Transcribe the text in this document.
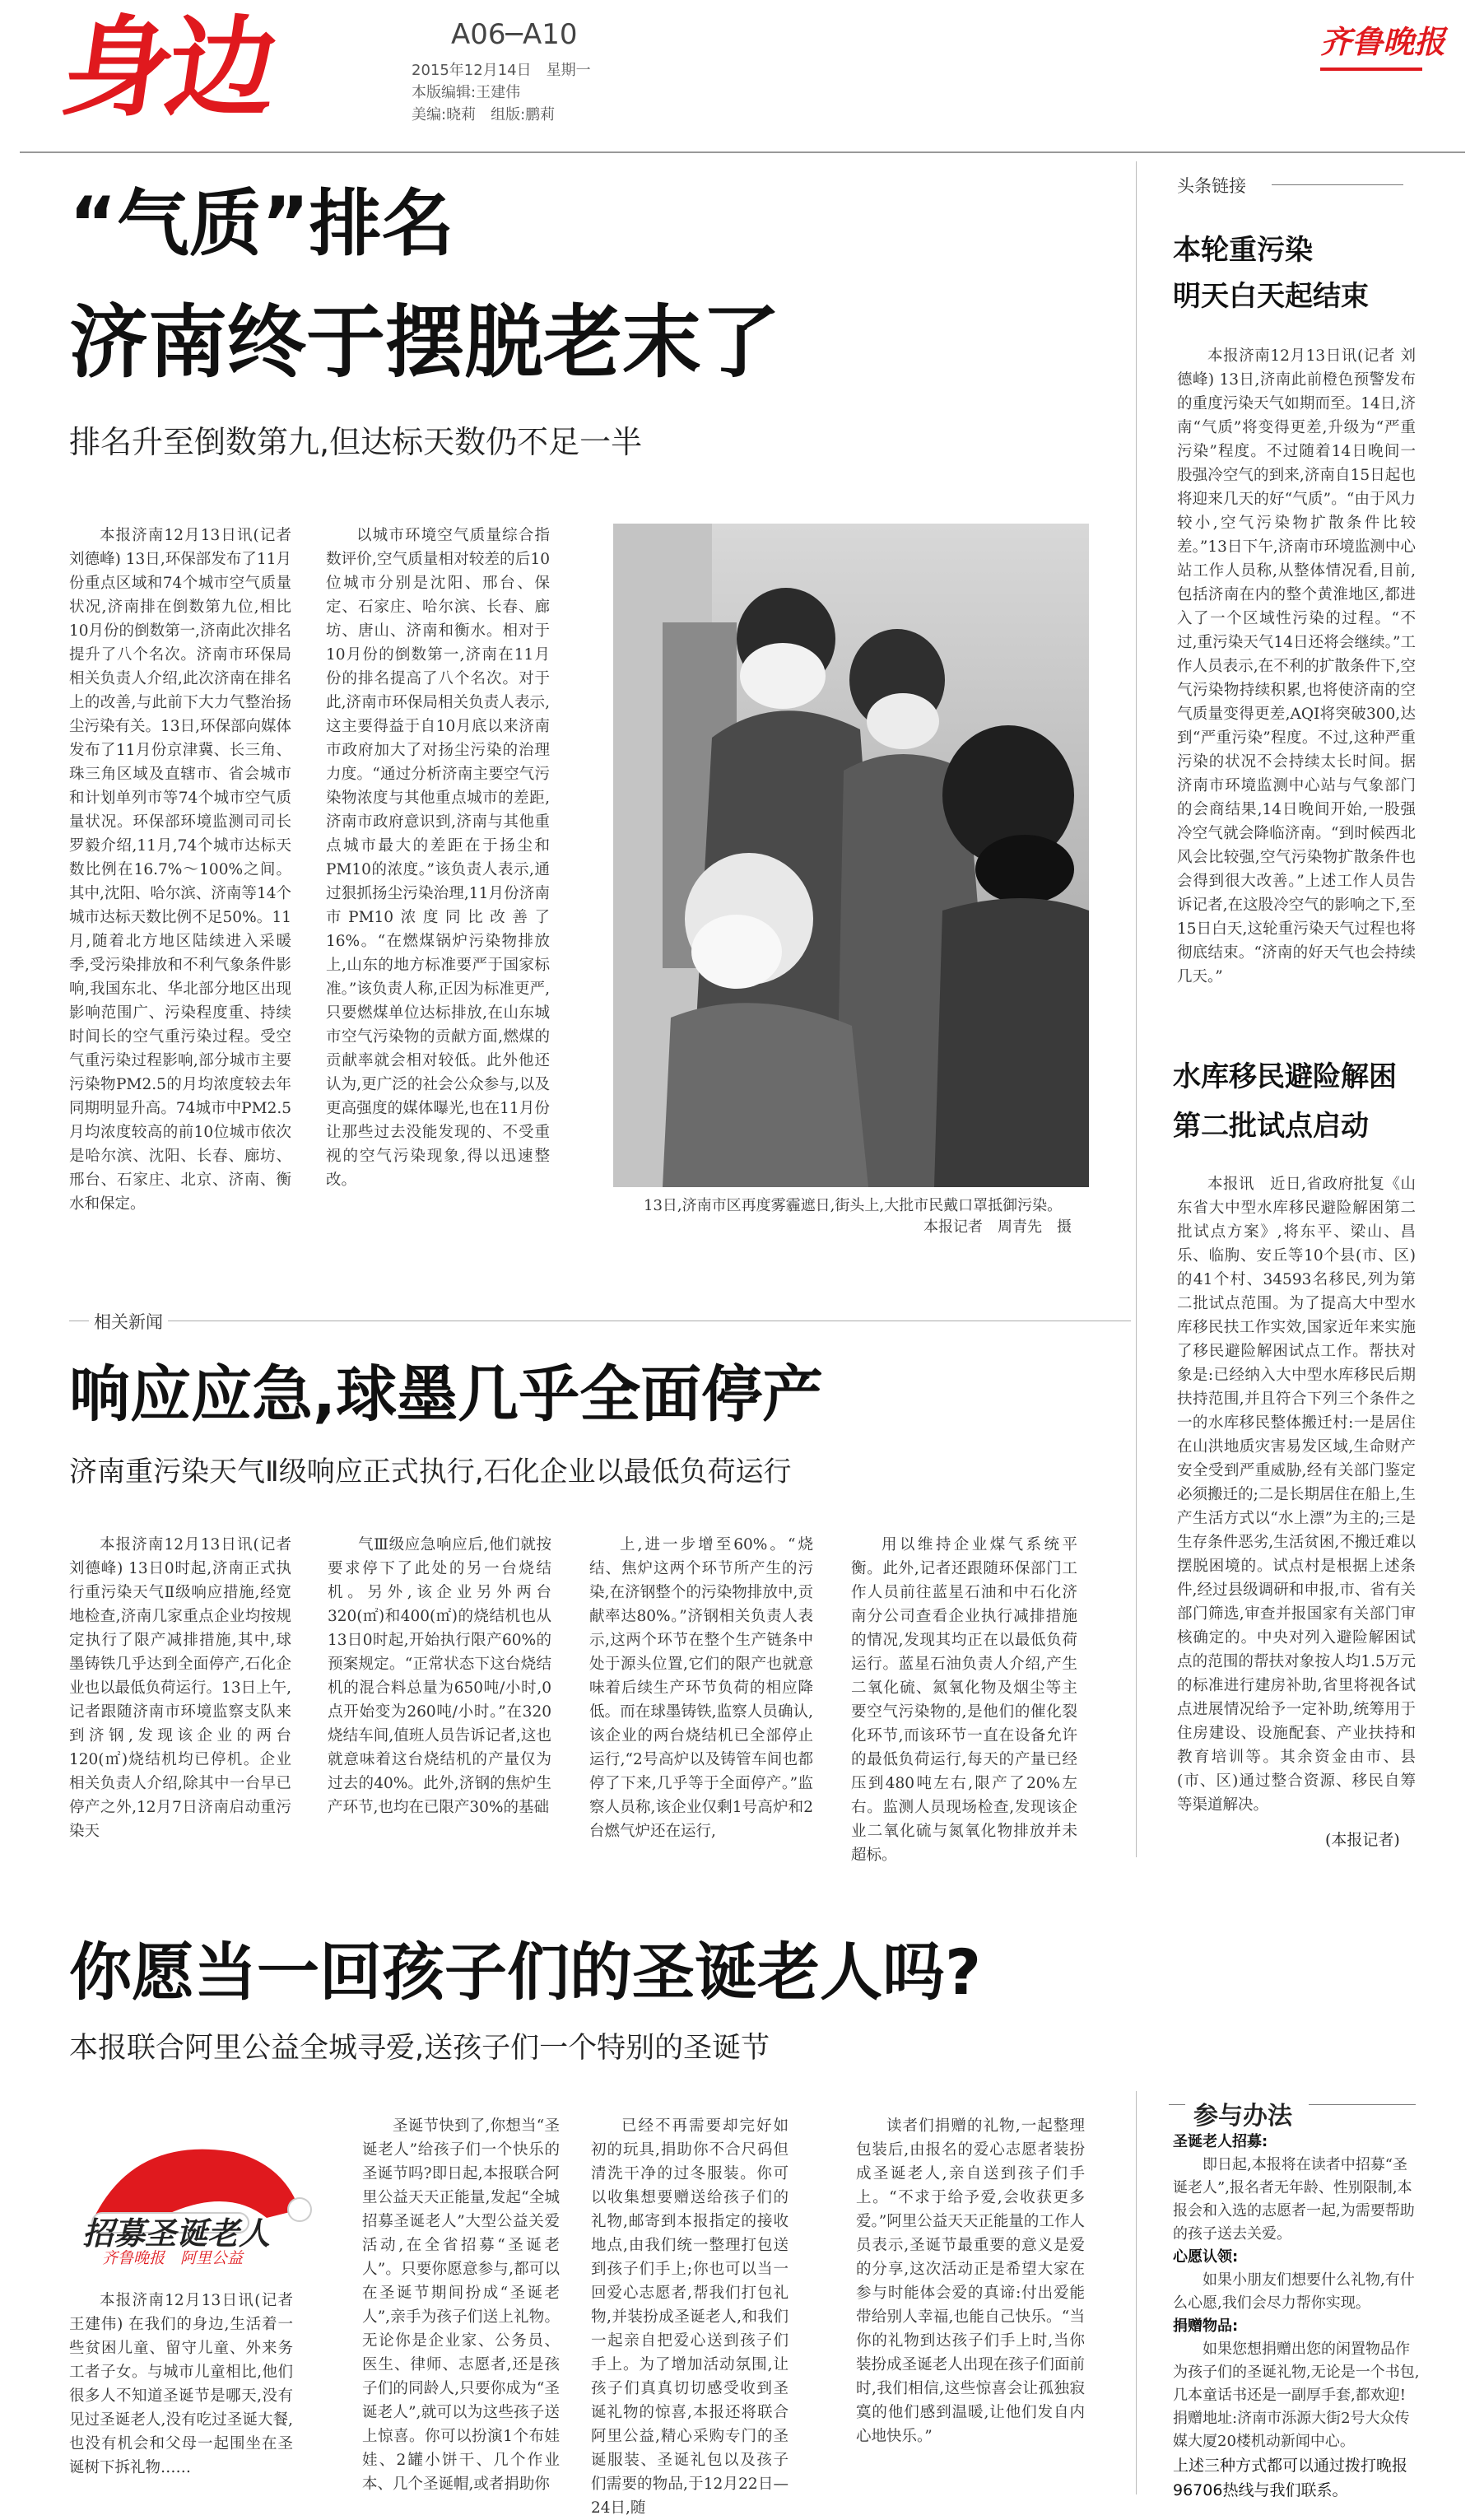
身边	A06─A10
2015年12月14日　星期一
本版编辑:王建伟
美编:晓莉　组版:鹏莉
齐鲁晚报
“气质”排名
济南终于摆脱老末了
排名升至倒数第九,但达标天数仍不足一半

本报济南12月13日讯(记者 刘德峰) 13日,环保部发布了11月份重点区域和74个城市空气质量状况,济南排在倒数第九位,相比10月份的倒数第一,济南此次排名提升了八个名次。济南市环保局相关负责人介绍,此次济南在排名上的改善,与此前下大力气整治扬尘污染有关。13日,环保部向媒体发布了11月份京津冀、长三角、珠三角区域及直辖市、省会城市和计划单列市等74个城市空气质量状况。环保部环境监测司司长罗毅介绍,11月,74个城市达标天数比例在16.7%～100%之间。其中,沈阳、哈尔滨、济南等14个城市达标天数比例不足50%。11月,随着北方地区陆续进入采暖季,受污染排放和不利气象条件影响,我国东北、华北部分地区出现影响范围广、污染程度重、持续时间长的空气重污染过程。受空气重污染过程影响,部分城市主要污染物PM2.5的月均浓度较去年同期明显升高。74城市中PM2.5月均浓度较高的前10位城市依次是哈尔滨、沈阳、长春、廊坊、邢台、石家庄、北京、济南、衡水和保定。

以城市环境空气质量综合指数评价,空气质量相对较差的后10位城市分别是沈阳、邢台、保定、石家庄、哈尔滨、长春、廊坊、唐山、济南和衡水。相对于10月份的倒数第一,济南在11月份的排名提高了八个名次。对于此,济南市环保局相关负责人表示,这主要得益于自10月底以来济南市政府加大了对扬尘污染的治理力度。“通过分析济南主要空气污染物浓度与其他重点城市的差距,济南市政府意识到,济南与其他重点城市最大的差距在于扬尘和PM10的浓度。”该负责人表示,通过狠抓扬尘污染治理,11月份济南市PM10浓度同比改善了16%。“在燃煤锅炉污染物排放上,山东的地方标准要严于国家标准。”该负责人称,正因为标准更严,只要燃煤单位达标排放,在山东城市空气污染物的贡献方面,燃煤的贡献率就会相对较低。此外他还认为,更广泛的社会公众参与,以及更高强度的媒体曝光,也在11月份让那些过去没能发现的、不受重视的空气污染现象,得以迅速整改。

13日,济南市区再度雾霾遮日,街头上,大批市民戴口罩抵御污染。
本报记者　周青先　摄
头条链接
本轮重污染
明天白天起结束

本报济南12月13日讯(记者 刘德峰) 13日,济南此前橙色预警发布的重度污染天气如期而至。14日,济南“气质”将变得更差,升级为“严重污染”程度。不过随着14日晚间一股强冷空气的到来,济南自15日起也将迎来几天的好“气质”。“由于风力较小,空气污染物扩散条件比较差。”13日下午,济南市环境监测中心站工作人员称,从整体情况看,目前,包括济南在内的整个黄淮地区,都进入了一个区域性污染的过程。“不过,重污染天气14日还将会继续。”工作人员表示,在不利的扩散条件下,空气污染物持续积累,也将使济南的空气质量变得更差,AQI将突破300,达到“严重污染”程度。不过,这种严重污染的状况不会持续太长时间。据济南市环境监测中心站与气象部门的会商结果,14日晚间开始,一股强冷空气就会降临济南。“到时候西北风会比较强,空气污染物扩散条件也会得到很大改善。”上述工作人员告诉记者,在这股冷空气的影响之下,至15日白天,这轮重污染天气过程也将彻底结束。“济南的好天气也会持续几天。”

水库移民避险解困
第二批试点启动

本报讯　近日,省政府批复《山东省大中型水库移民避险解困第二批试点方案》,将东平、梁山、昌乐、临朐、安丘等10个县(市、区)的41个村、34593名移民,列为第二批试点范围。为了提高大中型水库移民扶工作实效,国家近年来实施了移民避险解困试点工作。帮扶对象是:已经纳入大中型水库移民后期扶持范围,并且符合下列三个条件之一的水库移民整体搬迁村:一是居住在山洪地质灾害易发区域,生命财产安全受到严重威胁,经有关部门鉴定必须搬迁的;二是长期居住在船上,生产生活方式以“水上漂”为主的;三是生存条件恶劣,生活贫困,不搬迁难以摆脱困境的。试点村是根据上述条件,经过县级调研和申报,市、省有关部门筛选,审查并报国家有关部门审核确定的。中央对列入避险解困试点的范围的帮扶对象按人均1.5万元的标准进行建房补助,省里将视各试点进展情况给予一定补助,统筹用于住房建设、设施配套、产业扶持和教育培训等。其余资金由市、县(市、区)通过整合资源、移民自筹等渠道解决。

(本报记者)
相关新闻
响应应急,球墨几乎全面停产
济南重污染天气Ⅱ级响应正式执行,石化企业以最低负荷运行

本报济南12月13日讯(记者 刘德峰) 13日0时起,济南正式执行重污染天气Ⅱ级响应措施,经宽地检查,济南几家重点企业均按规定执行了限产减排措施,其中,球墨铸铁几乎达到全面停产,石化企业也以最低负荷运行。13日上午,记者跟随济南市环境监察支队来到济钢,发现该企业的两台120(㎡)烧结机均已停机。企业相关负责人介绍,除其中一台早已停产之外,12月7日济南启动重污染天

气Ⅲ级应急响应后,他们就按要求停下了此处的另一台烧结机。另外,该企业另外两台320(㎡)和400(㎡)的烧结机也从13日0时起,开始执行限产60%的预案规定。“正常状态下这台烧结机的混合料总量为650吨/小时,0点开始变为260吨/小时。”在320烧结车间,值班人员告诉记者,这也就意味着这台烧结机的产量仅为过去的40%。此外,济钢的焦炉生产环节,也均在已限产30%的基础

上,进一步增至60%。“烧结、焦炉这两个环节所产生的污染,在济钢整个的污染物排放中,贡献率达80%。”济钢相关负责人表示,这两个环节在整个生产链条中处于源头位置,它们的限产也就意味着后续生产环节负荷的相应降低。而在球墨铸铁,监察人员确认,该企业的两台烧结机已全部停止运行,“2号高炉以及铸管车间也都停了下来,几乎等于全面停产。”监察人员称,该企业仅剩1号高炉和2台燃气炉还在运行,

用以维持企业煤气系统平衡。此外,记者还跟随环保部门工作人员前往蓝星石油和中石化济南分公司查看企业执行减排措施的情况,发现其均正在以最低负荷运行。蓝星石油负责人介绍,产生二氧化硫、氮氧化物及烟尘等主要空气污染物的,是他们的催化裂化环节,而该环节一直在设备允许的最低负荷运行,每天的产量已经压到480吨左右,限产了20%左右。监测人员现场检查,发现该企业二氧化硫与氮氧化物排放并未超标。

你愿当一回孩子们的圣诞老人吗?
本报联合阿里公益全城寻爱,送孩子们一个特别的圣诞节
招募圣诞老人
齐鲁晚报　阿里公益

本报济南12月13日讯(记者 王建伟) 在我们的身边,生活着一些贫困儿童、留守儿童、外来务工者子女。与城市儿童相比,他们很多人不知道圣诞节是哪天,没有见过圣诞老人,没有吃过圣诞大餐,也没有机会和父母一起围坐在圣诞树下拆礼物……

圣诞节快到了,你想当“圣诞老人”给孩子们一个快乐的圣诞节吗?即日起,本报联合阿里公益天天正能量,发起“全城招募圣诞老人”大型公益关爱活动,在全省招募“圣诞老人”。只要你愿意参与,都可以在圣诞节期间扮成“圣诞老人”,亲手为孩子们送上礼物。无论你是企业家、公务员、医生、律师、志愿者,还是孩子们的同龄人,只要你成为“圣诞老人”,就可以为这些孩子送上惊喜。你可以扮演1个布娃娃、2罐小饼干、几个作业本、几个圣诞帽,或者捐助你

已经不再需要却完好如初的玩具,捐助你不合尺码但清洗干净的过冬服装。你可以收集想要赠送给孩子们的礼物,邮寄到本报指定的接收地点,由我们统一整理打包送到孩子们手上;你也可以当一回爱心志愿者,帮我们打包礼物,并装扮成圣诞老人,和我们一起亲自把爱心送到孩子们手上。为了增加活动氛围,让孩子们真真切切感受收到圣诞礼物的惊喜,本报还将联合阿里公益,精心采购专门的圣诞服装、圣诞礼包以及孩子们需要的物品,于12月22日—24日,随

读者们捐赠的礼物,一起整理包装后,由报名的爱心志愿者装扮成圣诞老人,亲自送到孩子们手上。“不求于给予爱,会收获更多爱。”阿里公益天天正能量的工作人员表示,圣诞节最重要的意义是爱的分享,这次活动正是希望大家在参与时能体会爱的真谛:付出爱能带给别人幸福,也能自己快乐。“当你的礼物到达孩子们手上时,当你装扮成圣诞老人出现在孩子们面前时,我们相信,这些惊喜会让孤独寂寞的他们感到温暖,让他们发自内心地快乐。”

参与办法
圣诞老人招募:

即日起,本报将在读者中招募“圣诞老人”,报名者无年龄、性别限制,本报会和入选的志愿者一起,为需要帮助的孩子送去关爱。

心愿认领:

如果小朋友们想要什么礼物,有什么心愿,我们会尽力帮你实现。

捐赠物品:

如果您想捐赠出您的闲置物品作为孩子们的圣诞礼物,无论是一个书包,几本童话书还是一副厚手套,都欢迎!捐赠地址:济南市泺源大街2号大众传媒大厦20楼机动新闻中心。

上述三种方式都可以通过拨打晚报96706热线与我们联系。
